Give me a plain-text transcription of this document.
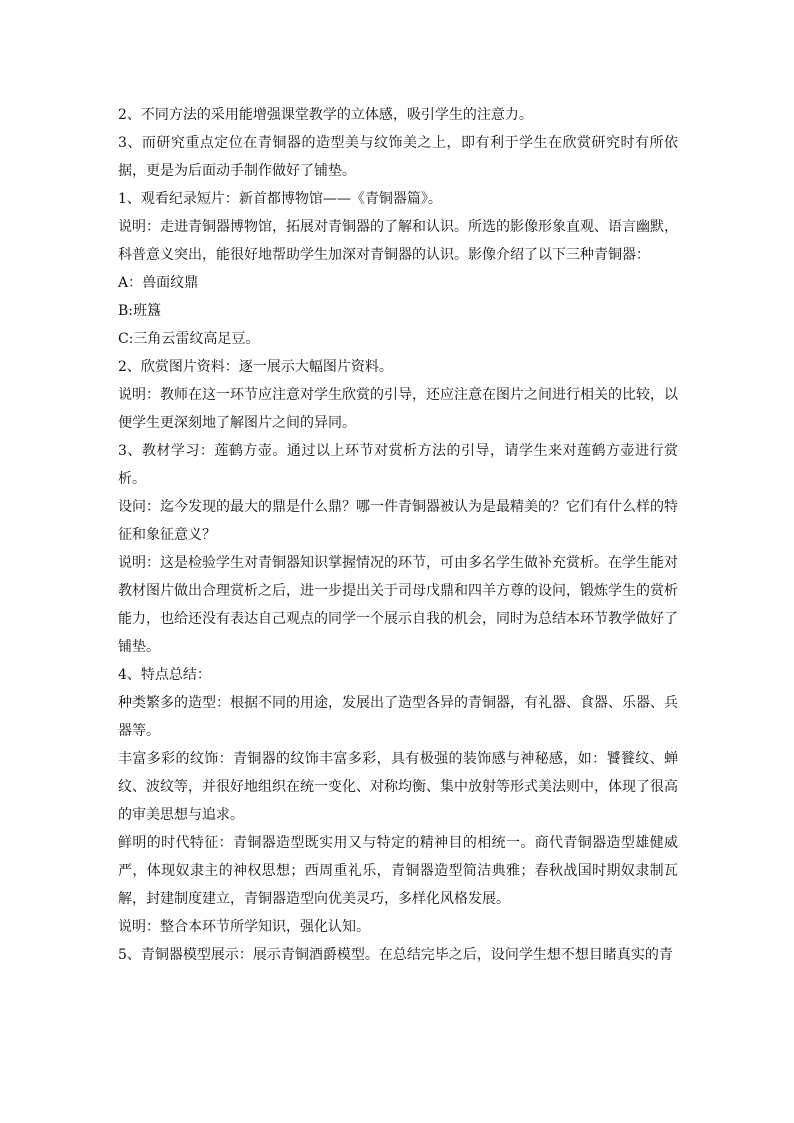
2、不同方法的采用能增强课堂教学的立体感，吸引学生的注意力。

3、而研究重点定位在青铜器的造型美与纹饰美之上，即有利于学生在欣赏研究时有所依据，更是为后面动手制作做好了铺垫。

1、观看纪录短片：新首都博物馆——《青铜器篇》。

说明：走进青铜器博物馆，拓展对青铜器的了解和认识。所选的影像形象直观、语言幽默，科普意义突出，能很好地帮助学生加深对青铜器的认识。影像介绍了以下三种青铜器：

A：兽面纹鼎

B:班簋

C:三角云雷纹高足豆。

2、欣赏图片资料：逐一展示大幅图片资料。

说明：教师在这一环节应注意对学生欣赏的引导，还应注意在图片之间进行相关的比较，以便学生更深刻地了解图片之间的异同。

3、教材学习：莲鹤方壶。通过以上环节对赏析方法的引导，请学生来对莲鹤方壶进行赏析。

设问：迄今发现的最大的鼎是什么鼎？哪一件青铜器被认为是最精美的？它们有什么样的特征和象征意义？

说明：这是检验学生对青铜器知识掌握情况的环节，可由多名学生做补充赏析。在学生能对教材图片做出合理赏析之后，进一步提出关于司母戊鼎和四羊方尊的设问，锻炼学生的赏析能力，也给还没有表达自己观点的同学一个展示自我的机会，同时为总结本环节教学做好了铺垫。

4、特点总结：

种类繁多的造型：根据不同的用途，发展出了造型各异的青铜器，有礼器、食器、乐器、兵器等。

丰富多彩的纹饰：青铜器的纹饰丰富多彩，具有极强的装饰感与神秘感，如：饕餮纹、蝉纹、波纹等，并很好地组织在统一变化、对称均衡、集中放射等形式美法则中，体现了很高的审美思想与追求。

鲜明的时代特征：青铜器造型既实用又与特定的精神目的相统一。商代青铜器造型雄健威严，体现奴隶主的神权思想；西周重礼乐，青铜器造型简洁典雅；春秋战国时期奴隶制瓦解，封建制度建立，青铜器造型向优美灵巧，多样化风格发展。

说明：整合本环节所学知识，强化认知。

5、青铜器模型展示：展示青铜酒爵模型。在总结完毕之后，设问学生想不想目睹真实的青
